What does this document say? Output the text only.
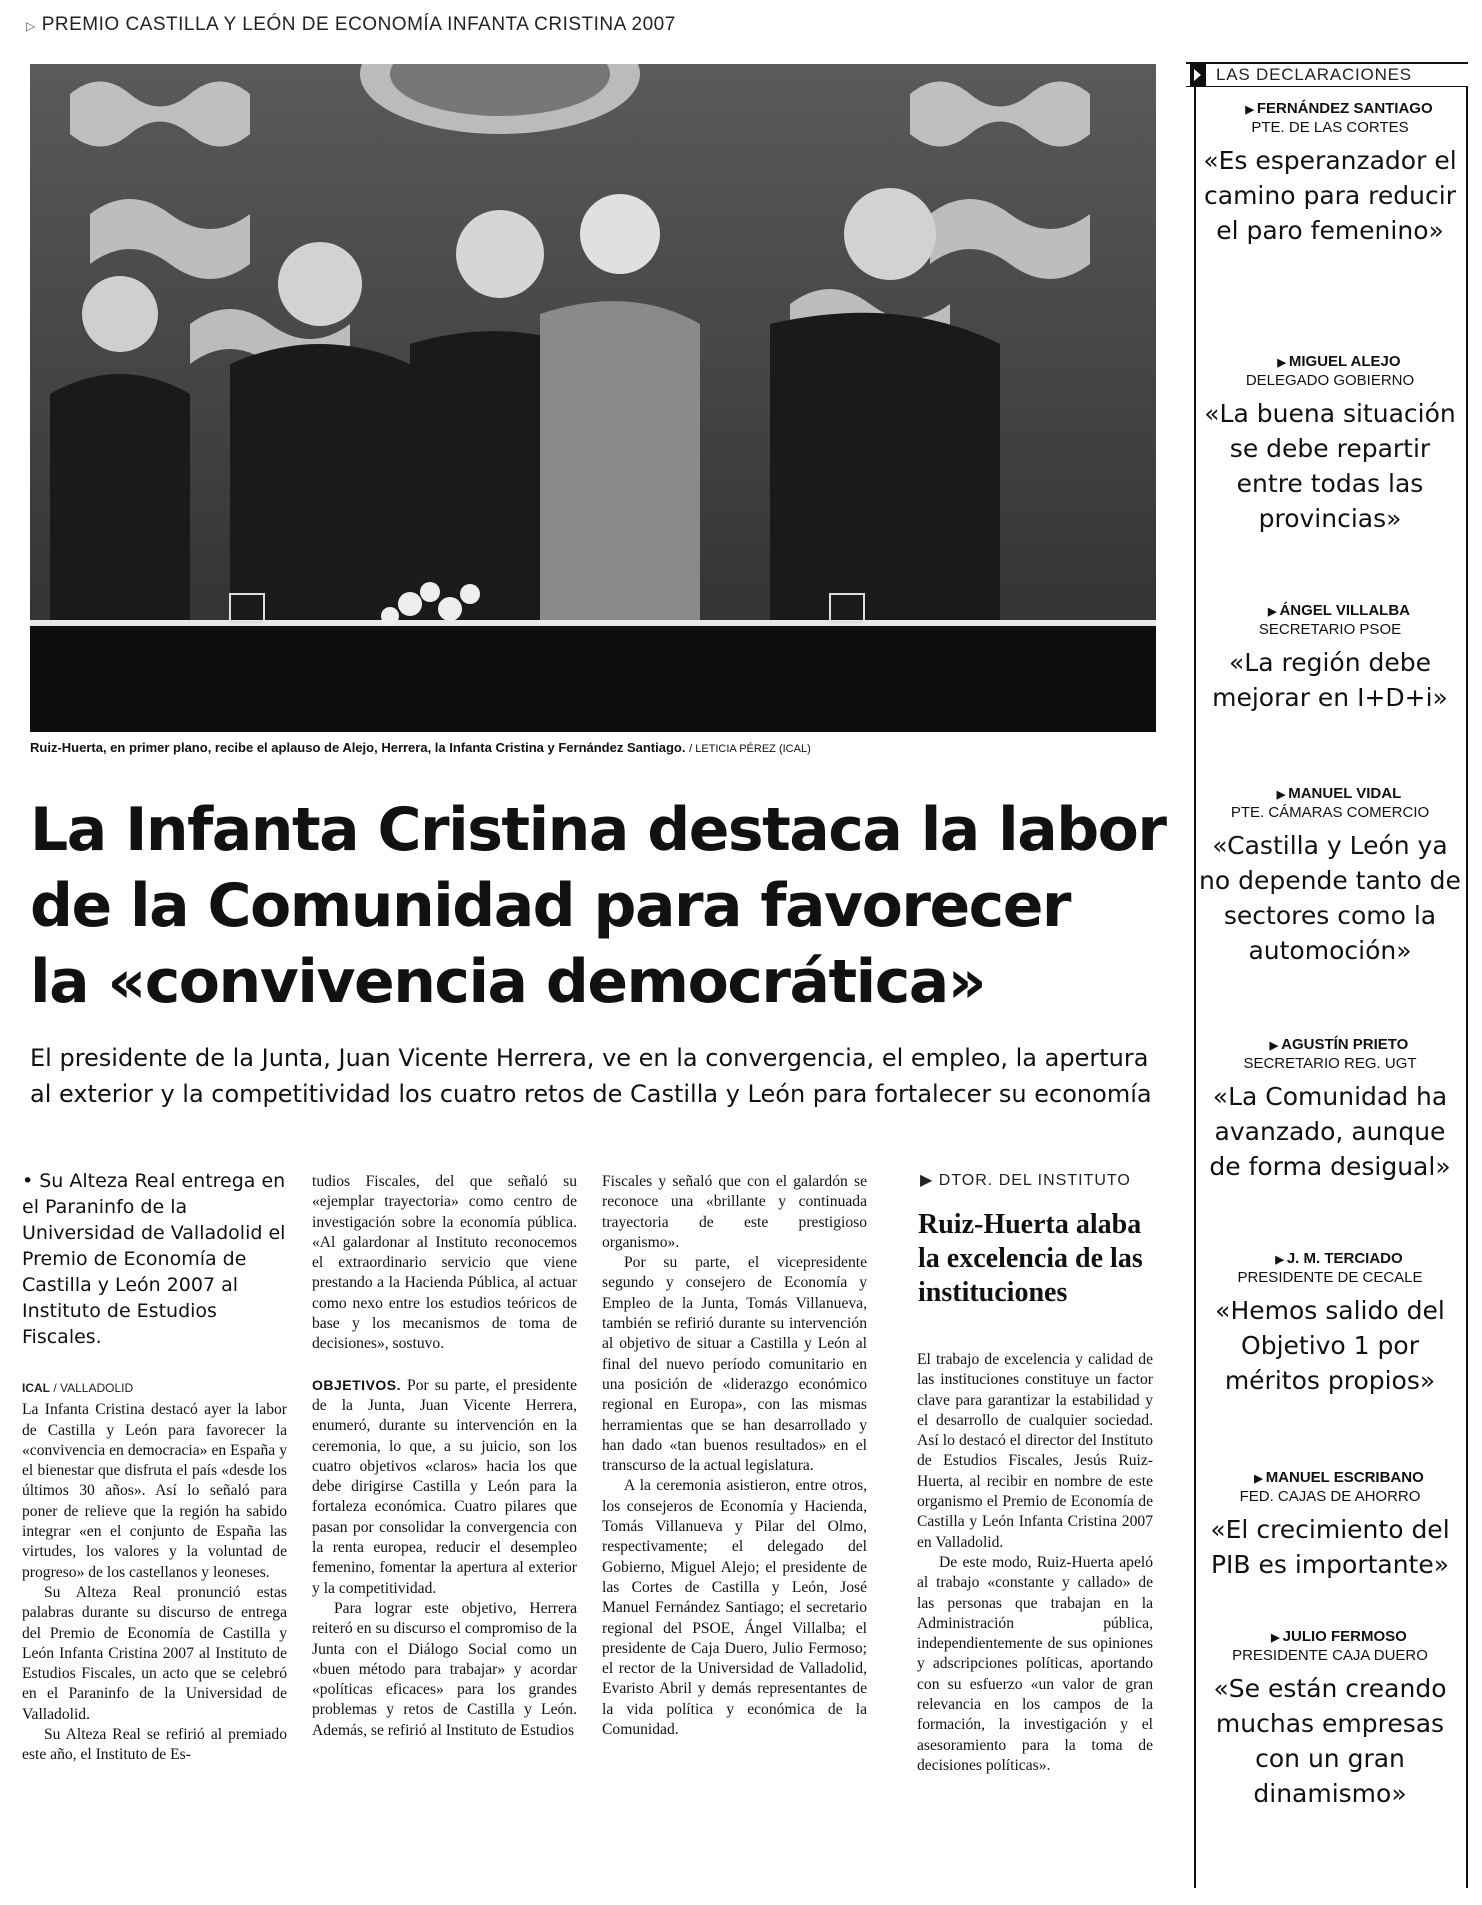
▷ PREMIO CASTILLA Y LEÓN DE ECONOMÍA INFANTA CRISTINA 2007
Ruiz-Huerta, en primer plano, recibe el aplauso de Alejo, Herrera, la Infanta Cristina y Fernández Santiago. / LETICIA PÉREZ (ICAL)
La Infanta Cristina destaca la labor
de la Comunidad para favorecer
la «convivencia democrática»

El presidente de la Junta, Juan Vicente Herrera, ve en la convergencia, el empleo, la apertura al exterior y la competitividad los cuatro retos de Castilla y León para fortalecer su economía

• Su Alteza Real entrega en el Paraninfo de la Universidad de Valladolid el Premio de Economía de Castilla y León 2007 al Instituto de Estudios Fiscales.

ICAL / VALLADOLID

La Infanta Cristina destacó ayer la labor de Castilla y León para favorecer la «convivencia en democracia» en España y el bienestar que disfruta el país «desde los últimos 30 años». Así lo señaló para poner de relieve que la región ha sabido integrar «en el conjunto de España las virtudes, los valores y la voluntad de progreso» de los castellanos y leoneses.

Su Alteza Real pronunció estas palabras durante su discurso de entrega del Premio de Economía de Castilla y León Infanta Cristina 2007 al Instituto de Estudios Fiscales, un acto que se celebró en el Paraninfo de la Universidad de Valladolid.

Su Alteza Real se refirió al premiado este año, el Instituto de Es-

tudios Fiscales, del que señaló su «ejemplar trayectoria» como centro de investigación sobre la economía pública. «Al galardonar al Instituto reconocemos el extraordinario servicio que viene prestando a la Hacienda Pública, al actuar como nexo entre los estudios teóricos de base y los mecanismos de toma de decisiones», sostuvo.

OBJETIVOS. Por su parte, el presidente de la Junta, Juan Vicente Herrera, enumeró, durante su intervención en la ceremonia, lo que, a su juicio, son los cuatro objetivos «claros» hacia los que debe dirigirse Castilla y León para la fortaleza económica. Cuatro pilares que pasan por consolidar la convergencia con la renta europea, reducir el desempleo femenino, fomentar la apertura al exterior y la competitividad.

Para lograr este objetivo, Herrera reiteró en su discurso el compromiso de la Junta con el Diálogo Social como un «buen método para trabajar» y acordar «políticas eficaces» para los grandes problemas y retos de Castilla y León. Además, se refirió al Instituto de Estudios

Fiscales y señaló que con el galardón se reconoce una «brillante y continuada trayectoria de este prestigioso organismo».

Por su parte, el vicepresidente segundo y consejero de Economía y Empleo de la Junta, Tomás Villanueva, también se refirió durante su intervención al objetivo de situar a Castilla y León al final del nuevo período comunitario en una posición de «liderazgo económico regional en Europa», con las mismas herramientas que se han desarrollado y han dado «tan buenos resultados» en el transcurso de la actual legislatura.

A la ceremonia asistieron, entre otros, los consejeros de Economía y Hacienda, Tomás Villanueva y Pilar del Olmo, respectivamente; el delegado del Gobierno, Miguel Alejo; el presidente de las Cortes de Castilla y León, José Manuel Fernández Santiago; el secretario regional del PSOE, Ángel Villalba; el presidente de Caja Duero, Julio Fermoso; el rector de la Universidad de Valladolid, Evaristo Abril y demás representantes de la vida política y económica de la Comunidad.

▶ DTOR. DEL INSTITUTO
Ruiz-Huerta alaba la excelencia de las instituciones

El trabajo de excelencia y calidad de las instituciones constituye un factor clave para garantizar la estabilidad y el desarrollo de cualquier sociedad. Así lo destacó el director del Instituto de Estudios Fiscales, Jesús Ruiz-Huerta, al recibir en nombre de este organismo el Premio de Economía de Castilla y León Infanta Cristina 2007 en Valladolid.

De este modo, Ruiz-Huerta apeló al trabajo «constante y callado» de las personas que trabajan en la Administración pública, independientemente de sus opiniones y adscripciones políticas, aportando con su esfuerzo «un valor de gran relevancia en los campos de la formación, la investigación y el asesoramiento para la toma de decisiones políticas».

LAS DECLARACIONES
▶ FERNÁNDEZ SANTIAGO
PTE. DE LAS CORTES
«Es esperanzador el camino para reducir el paro femenino»
▶ MIGUEL ALEJO
DELEGADO GOBIERNO
«La buena situación se debe repartir entre todas las provincias»
▶ ÁNGEL VILLALBA
SECRETARIO PSOE
«La región debe mejorar en I+D+i»
▶ MANUEL VIDAL
PTE. CÁMARAS COMERCIO
«Castilla y León ya no depende tanto de sectores como la automoción»
▶ AGUSTÍN PRIETO
SECRETARIO REG. UGT
«La Comunidad ha avanzado, aunque de forma desigual»
▶ J. M. TERCIADO
PRESIDENTE DE CECALE
«Hemos salido del Objetivo 1 por méritos propios»
▶ MANUEL ESCRIBANO
FED. CAJAS DE AHORRO
«El crecimiento del PIB es importante»
▶ JULIO FERMOSO
PRESIDENTE CAJA DUERO
«Se están creando muchas empresas con un gran dinamismo»
